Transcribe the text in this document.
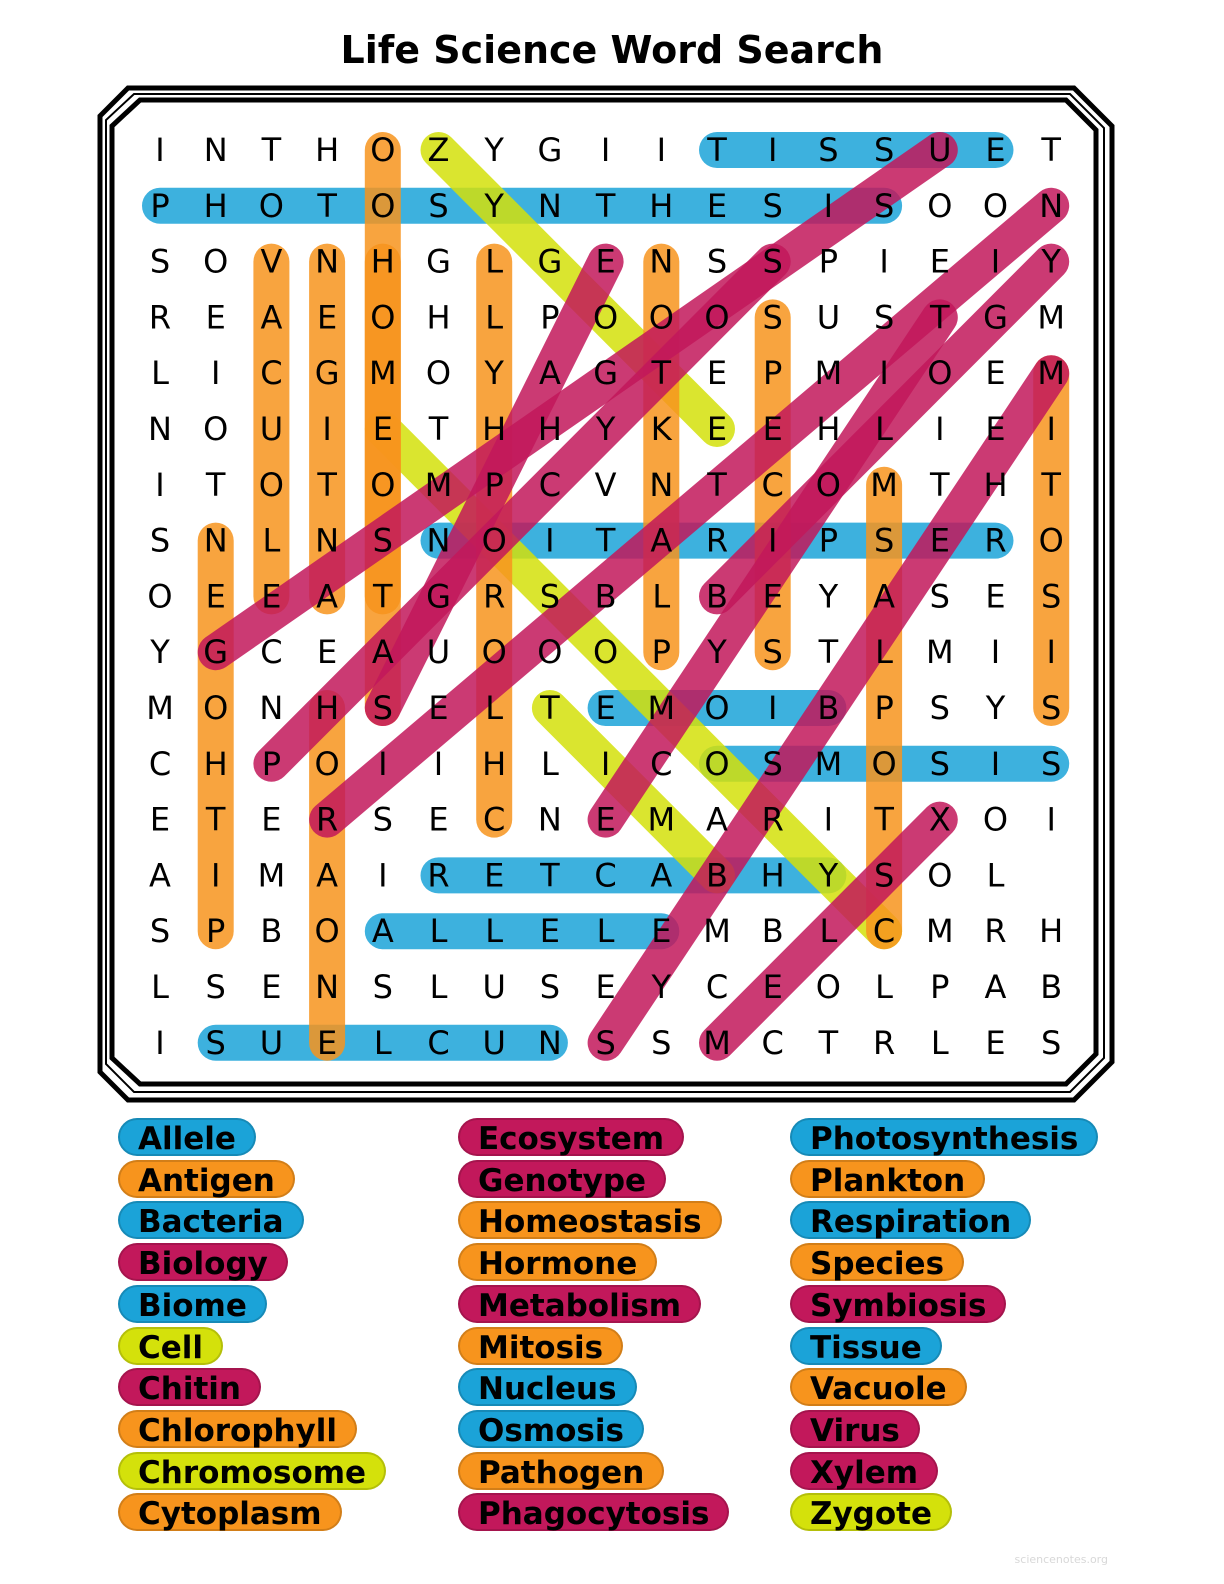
Life Science Word Search
I N T H O Z Y G I I T I S S U E T
P H O T O S Y N T H E S I S O O N
S O V N H G L G E N S S P I E I Y
R E A E O H L P O O O S U S T G M
L I C G M O Y A G T E P M I O E M
N O U I E T H H Y K E E H L I E I
I T O T O M P C V N T C O M T H T
S N L N S N O I T A R I P S E R O
O E E A T G R S B L B E Y A S E S
Y G C E A U O O O P Y S T L M I I
M O N H S E L T E M O I B P S Y S
C H P O I I H L I C O S M O S I S
E T E R S E C N E M A R I T X O I
A I M A I R E T C A B H Y S O L
S P B O A L L E L E M B L C M R H
L S E N S L U S E Y C E O L P A B
I S U E L C U N S S M C T R L E S
Allele
Antigen
Bacteria
Biology
Biome
Cell
Chitin
Chlorophyll
Chromosome
Cytoplasm
Ecosystem
Genotype
Homeostasis
Hormone
Metabolism
Mitosis
Nucleus
Osmosis
Pathogen
Phagocytosis
Photosynthesis
Plankton
Respiration
Species
Symbiosis
Tissue
Vacuole
Virus
Xylem
Zygote
sciencenotes.org
